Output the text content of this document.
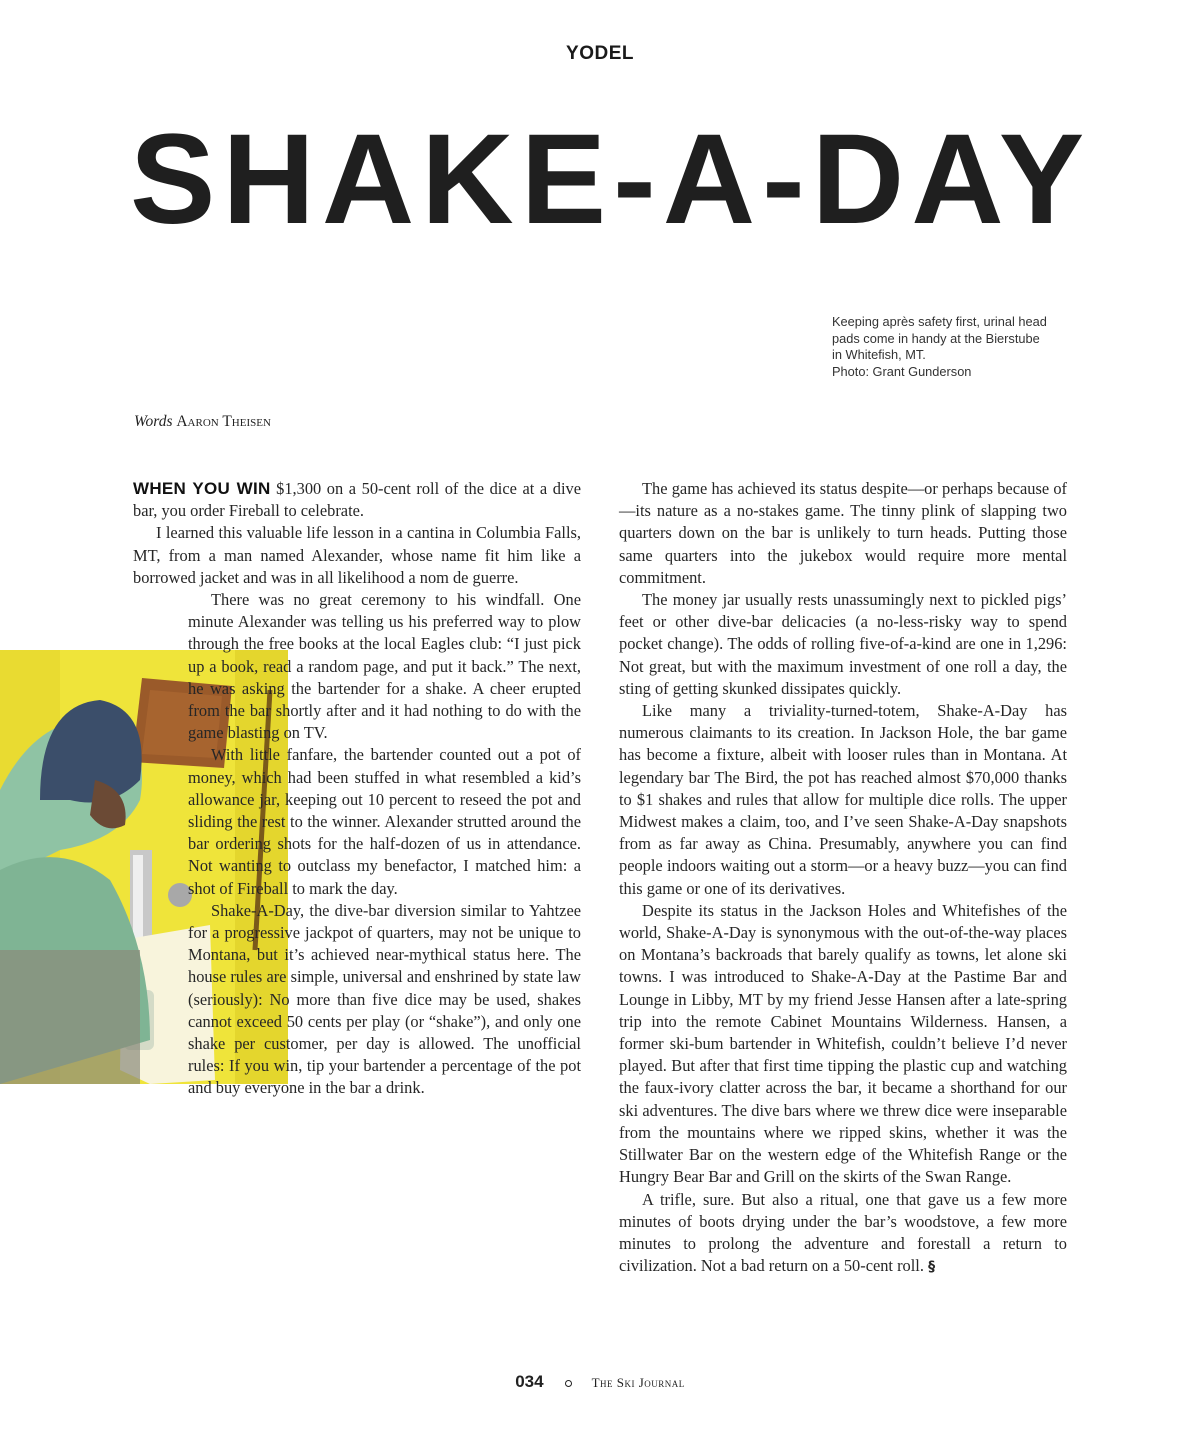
YODEL
SHAKE-A-DAY
Keeping après safety first, urinal head
pads come in handy at the Bierstube
in Whitefish, MT.
Photo: Grant Gunderson
Words Aaron Theisen

WHEN YOU WIN $1,300 on a 50-cent roll of the dice at a dive bar, you order Fireball to celebrate.

I learned this valuable life lesson in a cantina in Columbia Falls, MT, from a man named Alexander, whose name fit him like a borrowed jacket and was in all likelihood a nom de guerre.

There was no great ceremony to his windfall. One minute Alexander was telling us his preferred way to plow through the free books at the local Eagles club: “I just pick up a book, read a random page, and put it back.” The next, he was asking the bartender for a shake. A cheer erupted from the bar shortly after and it had nothing to do with the game blasting on TV.

With little fanfare, the bartender counted out a pot of money, which had been stuffed in what resembled a kid’s allowance jar, keeping out 10 percent to reseed the pot and sliding the rest to the winner. Alexander strutted around the bar ordering shots for the half-dozen of us in attendance. Not wanting to outclass my benefactor, I matched him: a shot of Fireball to mark the day.

Shake-A-Day, the dive-bar diversion similar to Yahtzee for a progressive jackpot of quarters, may not be unique to Montana, but it’s achieved near-mythical status here. The house rules are simple, universal and enshrined by state law (seriously): No more than five dice may be used, shakes cannot exceed 50 cents per play (or “shake”), and only one shake per customer, per day is allowed. The unofficial rules: If you win, tip your bartender a percentage of the pot and buy everyone in the bar a drink.

The game has achieved its status despite—or perhaps because of—its nature as a no-stakes game. The tinny plink of slapping two quarters down on the bar is unlikely to turn heads. Putting those same quarters into the jukebox would require more mental commitment.

The money jar usually rests unassumingly next to pickled pigs’ feet or other dive-bar delicacies (a no-less-risky way to spend pocket change). The odds of rolling five-of-a-kind are one in 1,296: Not great, but with the maximum investment of one roll a day, the sting of getting skunked dissipates quickly.

Like many a triviality-turned-totem, Shake-A-Day has numerous claimants to its creation. In Jackson Hole, the bar game has become a fixture, albeit with looser rules than in Montana. At legendary bar The Bird, the pot has reached almost $70,000 thanks to $1 shakes and rules that allow for multiple dice rolls. The upper Midwest makes a claim, too, and I’ve seen Shake-A-Day snapshots from as far away as China. Presumably, anywhere you can find people indoors waiting out a storm—or a heavy buzz—you can find this game or one of its derivatives.

Despite its status in the Jackson Holes and Whitefishes of the world, Shake-A-Day is synonymous with the out-of-the-way places on Montana’s backroads that barely qualify as towns, let alone ski towns. I was introduced to Shake-A-Day at the Pastime Bar and Lounge in Libby, MT by my friend Jesse Hansen after a late-spring trip into the remote Cabinet Mountains Wilderness. Hansen, a former ski-bum bartender in Whitefish, couldn’t believe I’d never played. But after that first time tipping the plastic cup and watching the faux-ivory clatter across the bar, it became a shorthand for our ski adventures. The dive bars where we threw dice were inseparable from the mountains where we ripped skins, whether it was the Stillwater Bar on the western edge of the Whitefish Range or the Hungry Bear Bar and Grill on the skirts of the Swan Range.

A trifle, sure. But also a ritual, one that gave us a few more minutes of boots drying under the bar’s woodstove, a few more minutes to prolong the adventure and forestall a return to civilization. Not a bad return on a 50-cent roll. §

034	The Ski Journal
